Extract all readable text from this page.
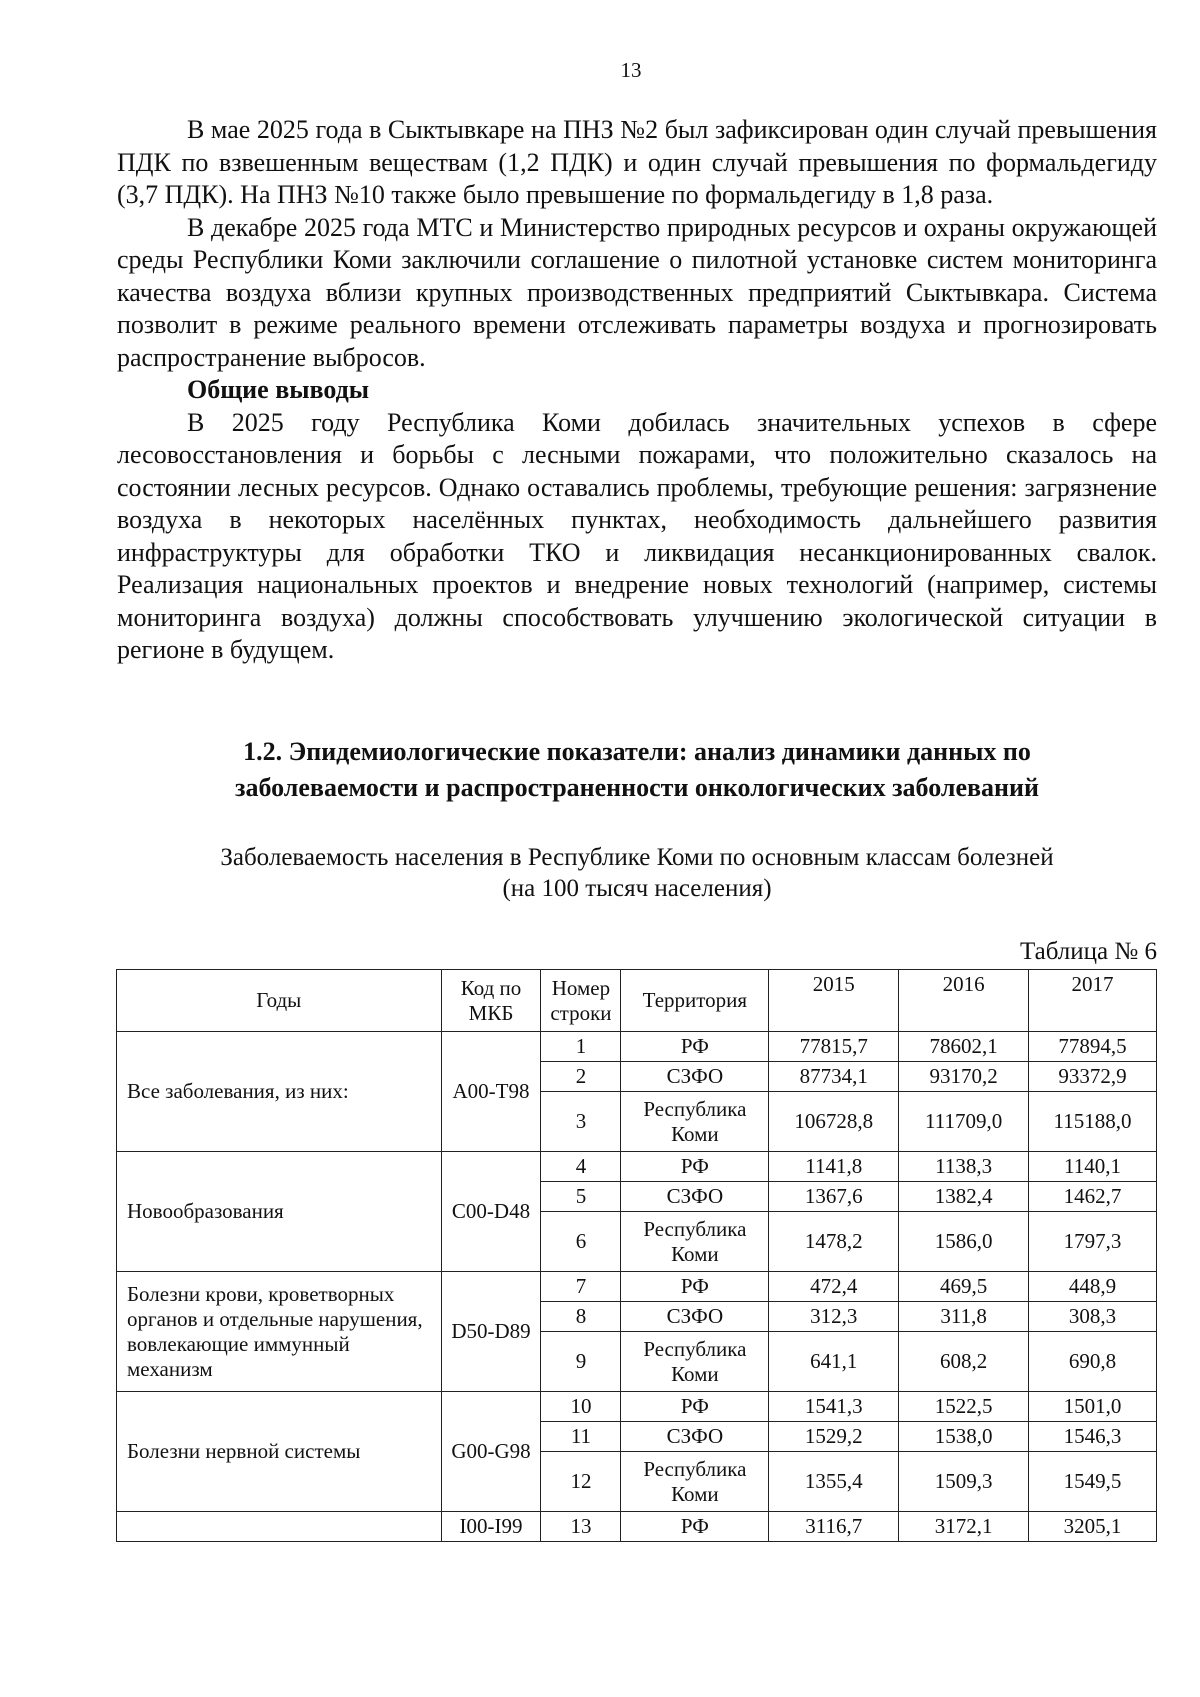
13

В мае 2025 года в Сыктывкаре на ПНЗ №2 был зафиксирован один случай превышения ПДК по взвешенным веществам (1,2 ПДК) и один случай превышения по формальдегиду (3,7 ПДК). На ПНЗ №10 также было превышение по формальдегиду в 1,8 раза.

В декабре 2025 года МТС и Министерство природных ресурсов и охраны окружающей среды Республики Коми заключили соглашение о пилотной установке систем мониторинга качества воздуха вблизи крупных производственных предприятий Сыктывкара. Система позволит в режиме реального времени отслеживать параметры воздуха и прогнозировать распространение выбросов.

Общие выводы

В 2025 году Республика Коми добилась значительных успехов в сфере лесовосстановления и борьбы с лесными пожарами, что положительно сказалось на состоянии лесных ресурсов. Однако оставались проблемы, требующие решения: загрязнение воздуха в некоторых населённых пунктах, необходимость дальнейшего развития инфраструктуры для обработки ТКО и ликвидация несанкционированных свалок. Реализация национальных проектов и внедрение новых технологий (например, системы мониторинга воздуха) должны способствовать улучшению экологической ситуации в регионе в будущем.

1.2. Эпидемиологические показатели: анализ динамики данных по
заболеваемости и распространенности онкологических заболеваний
Заболеваемость населения в Республике Коми по основным классам болезней
(на 100 тысяч населения)
Таблица № 6
Годы	Код по МКБ	Номер строки	Территория	2015	2016	2017
Все заболевания, из них:	A00-T98	1	РФ	77815,7	78602,1	77894,5
		2	СЗФО	87734,1	93170,2	93372,9
		3	Республика Коми	106728,8	111709,0	115188,0
Новообразования	C00-D48	4	РФ	1141,8	1138,3	1140,1
		5	СЗФО	1367,6	1382,4	1462,7
		6	Республика Коми	1478,2	1586,0	1797,3
Болезни крови, кроветворных органов и отдельные нарушения, вовлекающие иммунный механизм	D50-D89	7	РФ	472,4	469,5	448,9
		8	СЗФО	312,3	311,8	308,3
		9	Республика Коми	641,1	608,2	690,8
Болезни нервной системы	G00-G98	10	РФ	1541,3	1522,5	1501,0
		11	СЗФО	1529,2	1538,0	1546,3
		12	Республика Коми	1355,4	1509,3	1549,5
	I00-I99	13	РФ	3116,7	3172,1	3205,1
